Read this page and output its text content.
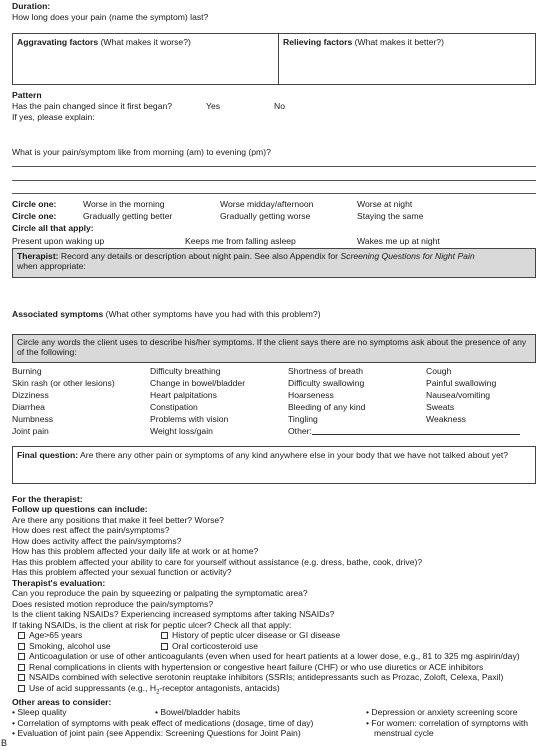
Duration:
How long does your pain (name the symptom) last?
Aggravating factors (What makes it worse?)	Relieving factors (What makes it better?)
Pattern
Has the pain changed since it first began?	Yes	No
If yes, please explain:
What is your pain/symptom like from morning (am) to evening (pm)?
Circle one:	Worse in the morning	Worse midday/afternoon	Worse at night
Circle one:	Gradually getting better	Gradually getting worse	Staying the same
Circle all that apply:
Present upon waking up	Keeps me from falling asleep	Wakes me up at night
Therapist: Record any details or description about night pain. See also Appendix for Screening Questions for Night Pain
when appropriate:
Associated symptoms (What other symptoms have you had with this problem?)
Circle any words the client uses to describe his/her symptoms. If the client says there are no symptoms ask about the presence of any of the following:
Burning	Difficulty breathing	Shortness of breath	Cough
Skin rash (or other lesions)	Change in bowel/bladder	Difficulty swallowing	Painful swallowing
Dizziness	Heart palpitations	Hoarseness	Nausea/vomiting
Diarrhea	Constipation	Bleeding of any kind	Sweats
Numbness	Problems with vision	Tingling	Weakness
Joint pain	Weight loss/gain	Other:
Final question: Are there any other pain or symptoms of any kind anywhere else in your body that we have not talked about yet?
For the therapist:
Follow up questions can include:
Are there any positions that make it feel better? Worse?
How does rest affect the pain/symptoms?
How does activity affect the pain/symptoms?
How has this problem affected your daily life at work or at home?
Has this problem affected your ability to care for yourself without assistance (e.g. dress, bathe, cook, drive)?
Has this problem affected your sexual function or activity?
Therapist's evaluation:
Can you reproduce the pain by squeezing or palpating the symptomatic area?
Does resisted motion reproduce the pain/symptoms?
Is the client taking NSAIDs? Experiencing increased symptoms after taking NSAIDs?
If taking NSAIDs, is the client at risk for peptic ulcer? Check all that apply:
Age>65 years	History of peptic ulcer disease or GI disease
Smoking, alcohol use	Oral corticosteroid use
Anticoagulation or use of other anticoagulants (even when used for heart patients at a lower dose, e.g., 81 to 325 mg aspirin/day)
Renal complications in clients with hypertension or congestive heart failure (CHF) or who use diuretics or ACE inhibitors
NSAIDs combined with selective serotonin reuptake inhibitors (SSRIs; antidepressants such as Prozac, Zoloft, Celexa, Paxil)
Use of acid suppressants (e.g., $H_2$-receptor antagonists, antacids)
Other areas to consider:
• Sleep quality	• Bowel/bladder habits	• Depression or anxiety screening score
• Correlation of symptoms with peak effect of medications (dosage, time of day)	• For women: correlation of symptoms with
• Evaluation of joint pain (see Appendix: Screening Questions for Joint Pain)	menstrual cycle
B
